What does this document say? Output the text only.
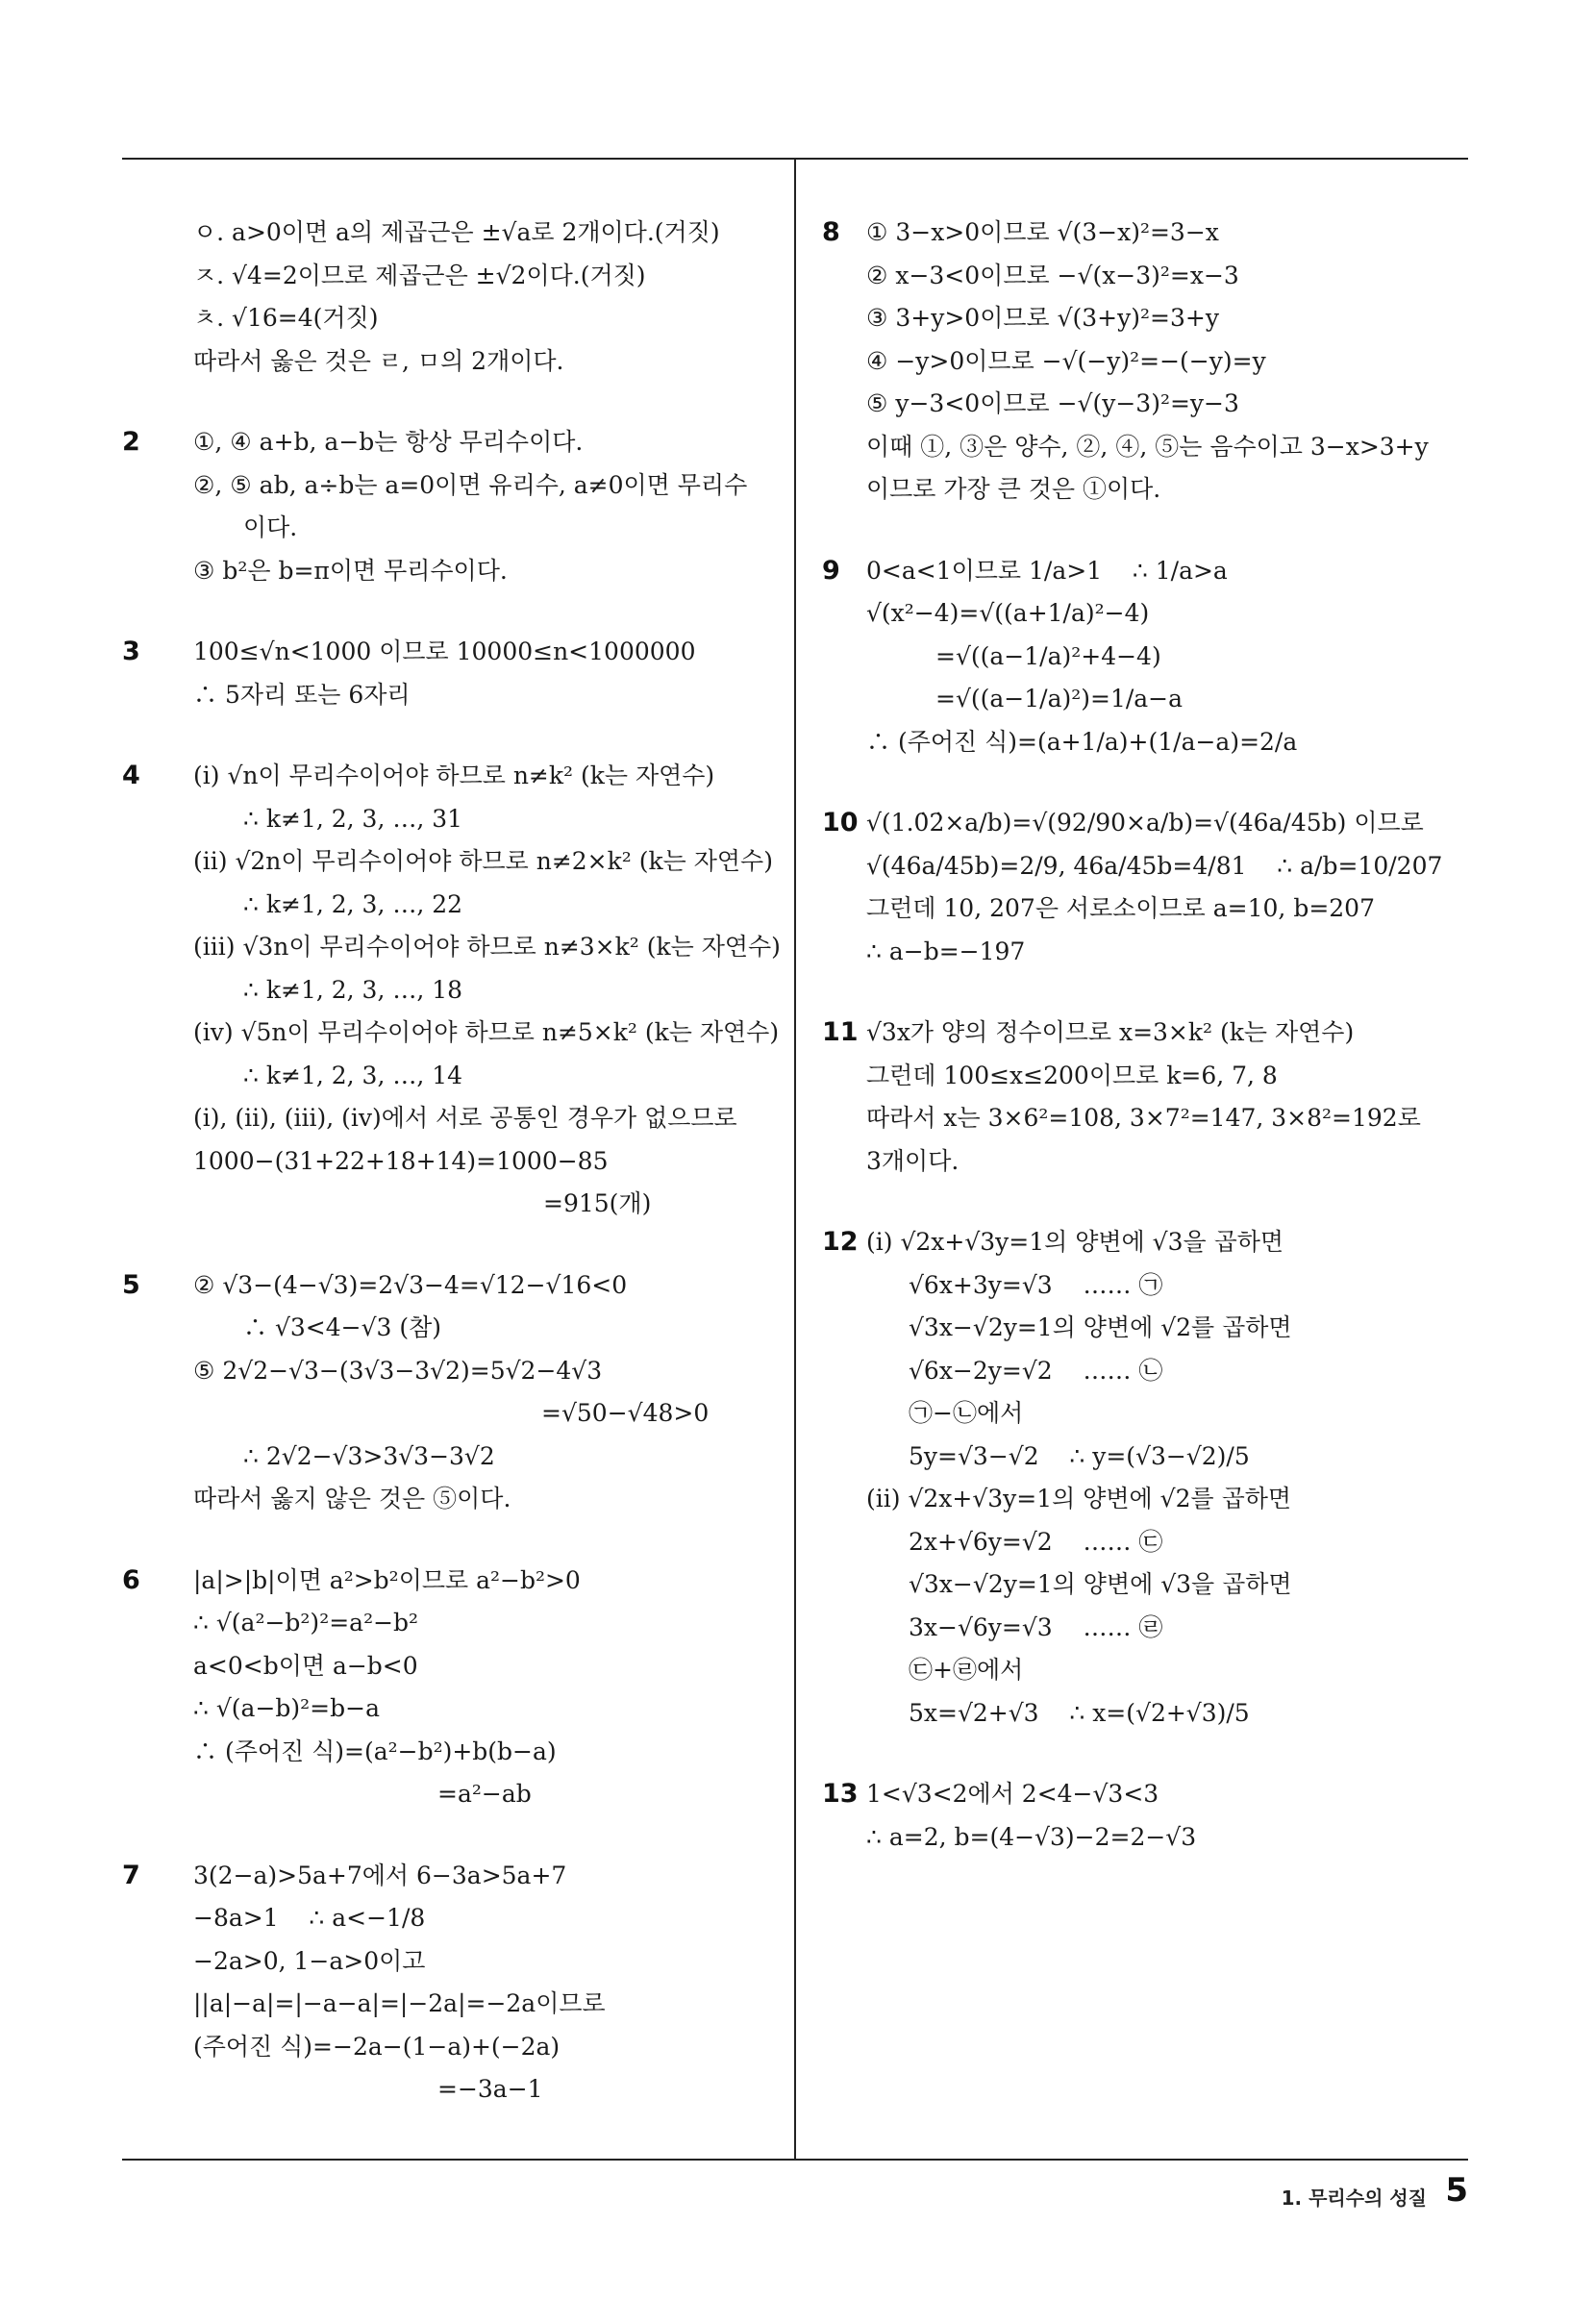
ㅇ. a>0이면 a의 제곱근은 ±√a로 2개이다.(거짓)
ㅈ. √4=2이므로 제곱근은 ±√2이다.(거짓)
ㅊ. √16=4(거짓)
따라서 옳은 것은 ㄹ, ㅁ의 2개이다.
2	①, ④ a+b, a−b는 항상 무리수이다.
②, ⑤ ab, a÷b는 a=0이면 유리수, a≠0이면 무리수
이다.
③ b²은 b=π이면 무리수이다.
3	100≤√n<1000 이므로 10000≤n<1000000
∴ 5자리 또는 6자리
4	(i) √n이 무리수이어야 하므로 n≠k² (k는 자연수)
∴ k≠1, 2, 3, …, 31
(ii) √2n이 무리수이어야 하므로 n≠2×k² (k는 자연수)
∴ k≠1, 2, 3, …, 22
(iii) √3n이 무리수이어야 하므로 n≠3×k² (k는 자연수)
∴ k≠1, 2, 3, …, 18
(iv) √5n이 무리수이어야 하므로 n≠5×k² (k는 자연수)
∴ k≠1, 2, 3, …, 14
(i), (ii), (iii), (iv)에서 서로 공통인 경우가 없으므로
1000−(31+22+18+14)=1000−85
=915(개)
5	② √3−(4−√3)=2√3−4=√12−√16<0
∴ √3<4−√3 (참)
⑤ 2√2−√3−(3√3−3√2)=5√2−4√3
=√50−√48>0
∴ 2√2−√3>3√3−3√2
따라서 옳지 않은 것은 ⑤이다.
6	|a|>|b|이면 a²>b²이므로 a²−b²>0
∴ √(a²−b²)²=a²−b²
a<0<b이면 a−b<0
∴ √(a−b)²=b−a
∴ (주어진 식)=(a²−b²)+b(b−a)
=a²−ab
7	3(2−a)>5a+7에서 6−3a>5a+7
−8a>1    ∴ a<−1/8
−2a>0, 1−a>0이고
||a|−a|=|−a−a|=|−2a|=−2a이므로
(주어진 식)=−2a−(1−a)+(−2a)
=−3a−1
8	① 3−x>0이므로 √(3−x)²=3−x
② x−3<0이므로 −√(x−3)²=x−3
③ 3+y>0이므로 √(3+y)²=3+y
④ −y>0이므로 −√(−y)²=−(−y)=y
⑤ y−3<0이므로 −√(y−3)²=y−3
이때 ①, ③은 양수, ②, ④, ⑤는 음수이고 3−x>3+y
이므로 가장 큰 것은 ①이다.
9	0<a<1이므로 1/a>1    ∴ 1/a>a
√(x²−4)=√((a+1/a)²−4)
=√((a−1/a)²+4−4)
=√((a−1/a)²)=1/a−a
∴ (주어진 식)=(a+1/a)+(1/a−a)=2/a
10 √(1.0̇2̇×a/b)=√(92/90×a/b)=√(46a/45b) 이므로
√(46a/45b)=2/9, 46a/45b=4/81    ∴ a/b=10/207
그런데 10, 207은 서로소이므로 a=10, b=207
∴ a−b=−197
11 √3x가 양의 정수이므로 x=3×k² (k는 자연수)
그런데 100≤x≤200이므로 k=6, 7, 8
따라서 x는 3×6²=108, 3×7²=147, 3×8²=192로
3개이다.
12 (i) √2x+√3y=1의 양변에 √3을 곱하면
√6x+3y=√3    …… ㉠
√3x−√2y=1의 양변에 √2를 곱하면
√6x−2y=√2    …… ㉡
㉠−㉡에서
5y=√3−√2    ∴ y=(√3−√2)/5
(ii) √2x+√3y=1의 양변에 √2를 곱하면
2x+√6y=√2    …… ㉢
√3x−√2y=1의 양변에 √3을 곱하면
3x−√6y=√3    …… ㉣
㉢+㉣에서
5x=√2+√3    ∴ x=(√2+√3)/5
13 1<√3<2에서 2<4−√3<3
∴ a=2, b=(4−√3)−2=2−√3
1. 무리수의 성질 5
